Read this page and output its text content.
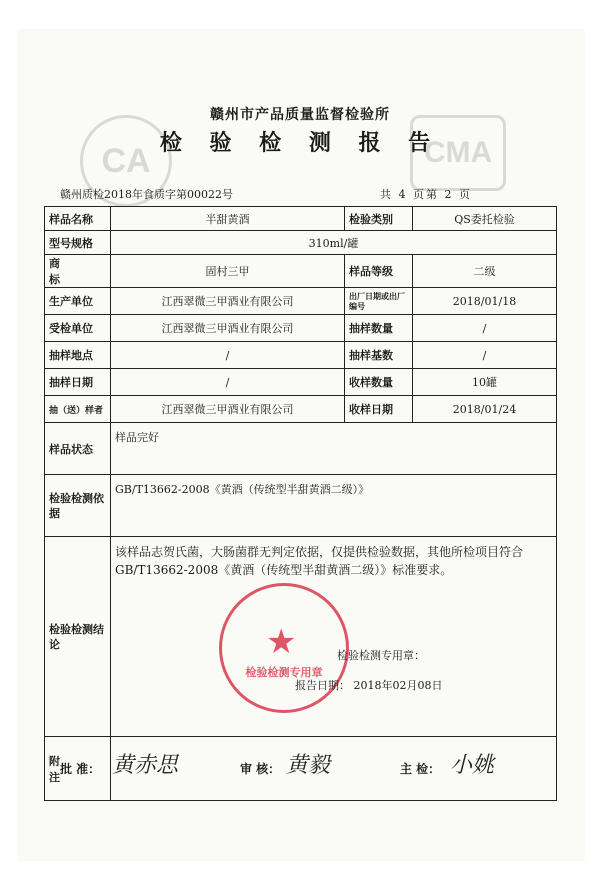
CA	CMA
赣州市产品质量监督检验所
检 验 检 测 报 告
赣州质检2018年食质字第00022号	共 4 页第 2 页
样品名称	半甜黄酒	检验类别	QS委托检验
型号规格	310ml/罐		
商 标	固村三甲	样品等级	二级
生产单位	江西翠微三甲酒业有限公司	出厂日期或出厂编号	2018/01/18
受检单位	江西翠微三甲酒业有限公司	抽样数量	/
抽样地点	/	抽样基数	/
抽样日期	/	收样数量	10罐
抽（送）样者	江西翠微三甲酒业有限公司	收样日期	2018/01/24
样品状态	样品完好		
检验检测依据	GB/T13662-2008《黄酒（传统型半甜黄酒二级）》		
检验检测结论	该样品志贺氏菌，大肠菌群无判定依据，仅提供检验数据，其他所检项目符合GB/T13662-2008《黄酒（传统型半甜黄酒二级）》标准要求。
★
检验检测专用章
检验检测专用章：
报告日期： 2018年02月08日		

附 注			
批 准： 黄赤思	审 核： 黄毅	主 检： 小姚
